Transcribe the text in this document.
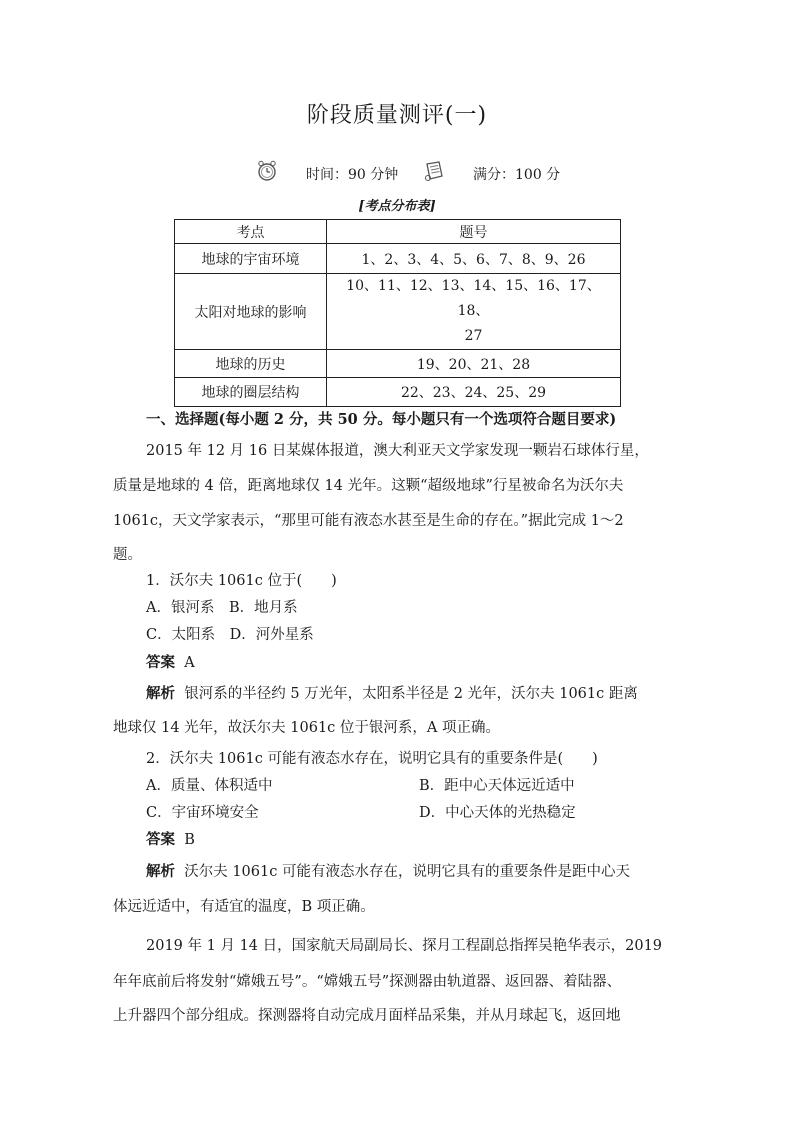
阶段质量测评(一)
时间：90 分钟	满分：100 分
[考点分布表]
考点	题号
地球的宇宙环境	1、2、3、4、5、6、7、8、9、26
太阳对地球的影响	10、11、12、13、14、15、16、17、18、
27

地球的历史	19、20、21、28
地球的圈层结构	22、23、24、25、29
一、选择题(每小题 2 分，共 50 分。每小题只有一个选项符合题目要求)
2015 年 12 月 16 日某媒体报道，澳大利亚天文学家发现一颗岩石球体行星，
质量是地球的 4 倍，距离地球仅 14 光年。这颗“超级地球”行星被命名为沃尔夫
1061c，天文学家表示，“那里可能有液态水甚至是生命的存在。”据此完成 1～2
题。
1．沃尔夫 1061c 位于(　　)
A．银河系　B．地月系
C．太阳系　D．河外星系
答案 A
解析 银河系的半径约 5 万光年，太阳系半径是 2 光年，沃尔夫 1061c 距离
地球仅 14 光年，故沃尔夫 1061c 位于银河系，A 项正确。
2．沃尔夫 1061c 可能有液态水存在，说明它具有的重要条件是(　　)
A．质量、体积适中	B．距中心天体远近适中
C．宇宙环境安全	D．中心天体的光热稳定
答案 B
解析 沃尔夫 1061c 可能有液态水存在，说明它具有的重要条件是距中心天
体远近适中，有适宜的温度，B 项正确。
2019 年 1 月 14 日，国家航天局副局长、探月工程副总指挥吴艳华表示，2019
年年底前后将发射“嫦娥五号”。“嫦娥五号”探测器由轨道器、返回器、着陆器、
上升器四个部分组成。探测器将自动完成月面样品采集，并从月球起飞，返回地
